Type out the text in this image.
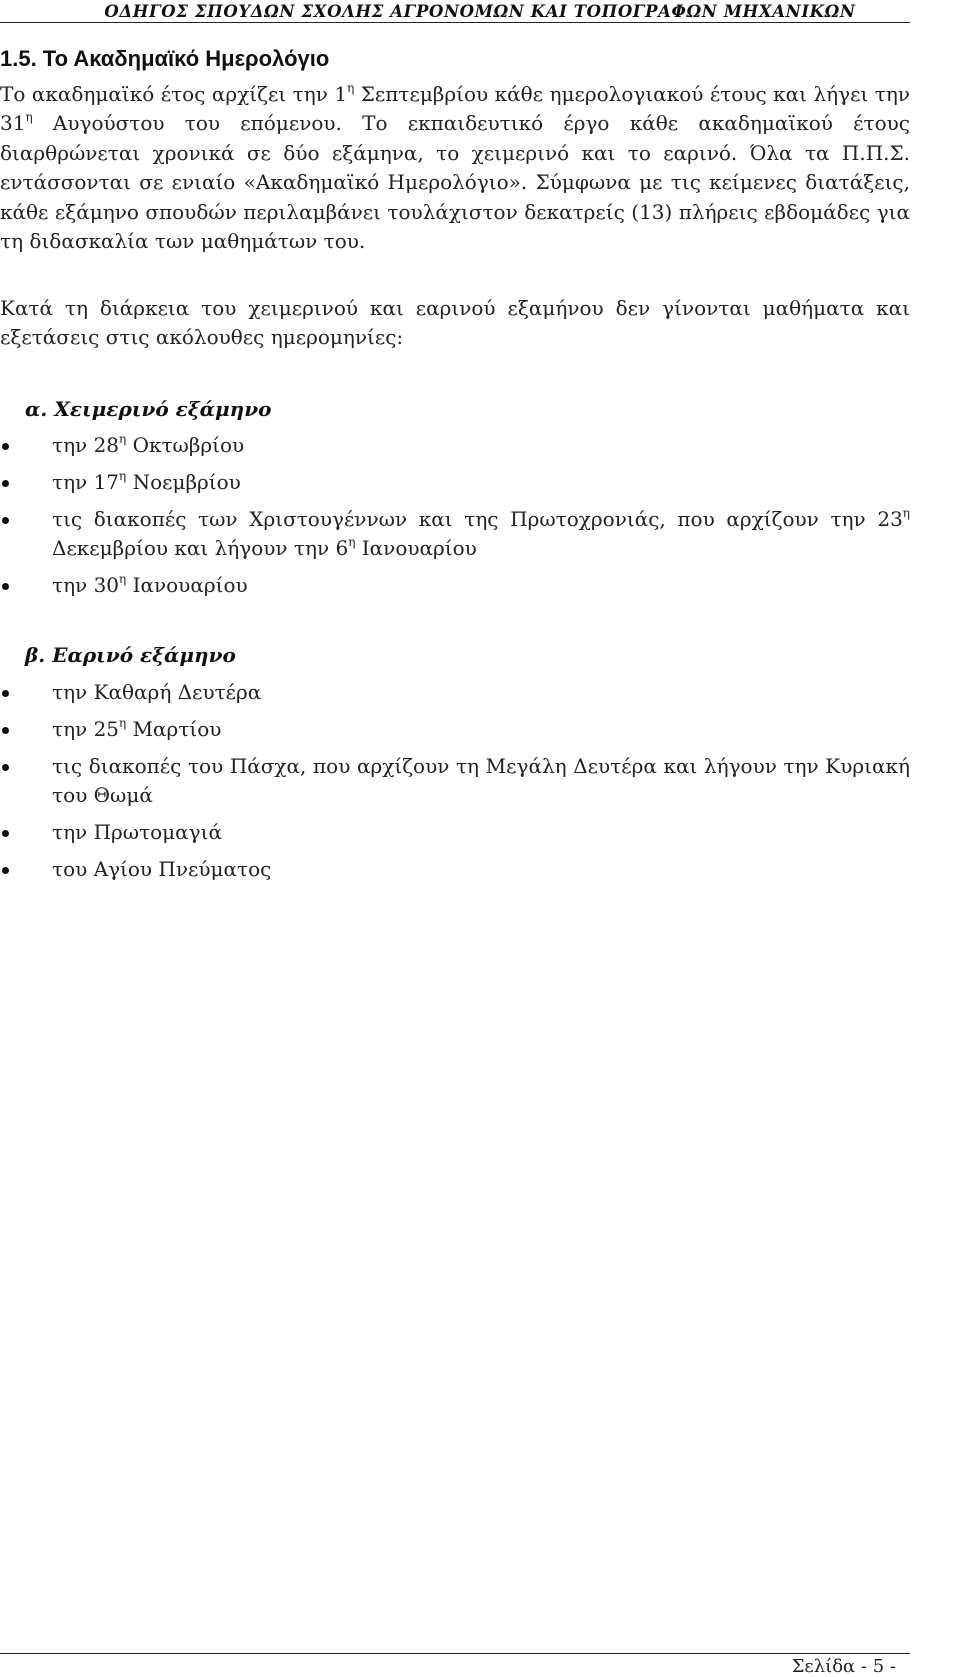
ΟΔΗΓΟΣ ΣΠΟΥΔΩΝ ΣΧΟΛΗΣ ΑΓΡΟΝΟΜΩΝ ΚΑΙ ΤΟΠΟΓΡΑΦΩΝ ΜΗΧΑΝΙΚΩΝ
1.5. Το Ακαδημαϊκό Ημερολόγιο

Το ακαδημαϊκό έτος αρχίζει την $1^\eta$ Σεπτεμβρίου κάθε ημερολογιακού έτους και λήγει την $31^\eta$ Αυγούστου του επόμενου. Το εκπαιδευτικό έργο κάθε ακαδημαϊκού έτους διαρθρώνεται χρονικά σε δύο εξάμηνα, το χειμερινό και το εαρινό. Όλα τα Π.Π.Σ. εντάσσονται σε ενιαίο «Ακαδημαϊκό Ημερολόγιο». Σύμφωνα με τις κείμενες διατάξεις, κάθε εξάμηνο σπουδών περιλαμβάνει τουλάχιστον δεκατρείς (13) πλήρεις εβδομάδες για τη διδασκαλία των μαθημάτων του.

Κατά τη διάρκεια του χειμερινού και εαρινού εξαμήνου δεν γίνονται μαθήματα και εξετάσεις στις ακόλουθες ημερομηνίες:

α. Χειμερινό εξάμηνο
την $28^\eta$ Οκτωβρίου
την $17^\eta$ Νοεμβρίου
τις διακοπές των Χριστουγέννων και της Πρωτοχρονιάς, που αρχίζουν την $23^\eta$ Δεκεμβρίου και λήγουν την $6^\eta$ Ιανουαρίου
την $30^\eta$ Ιανουαρίου
β. Εαρινό εξάμηνο
την Καθαρή Δευτέρα
την $25^\eta$ Μαρτίου
τις διακοπές του Πάσχα, που αρχίζουν τη Μεγάλη Δευτέρα και λήγουν την Κυριακή του Θωμά
την Πρωτομαγιά
του Αγίου Πνεύματος
Σελίδα - 5 -
